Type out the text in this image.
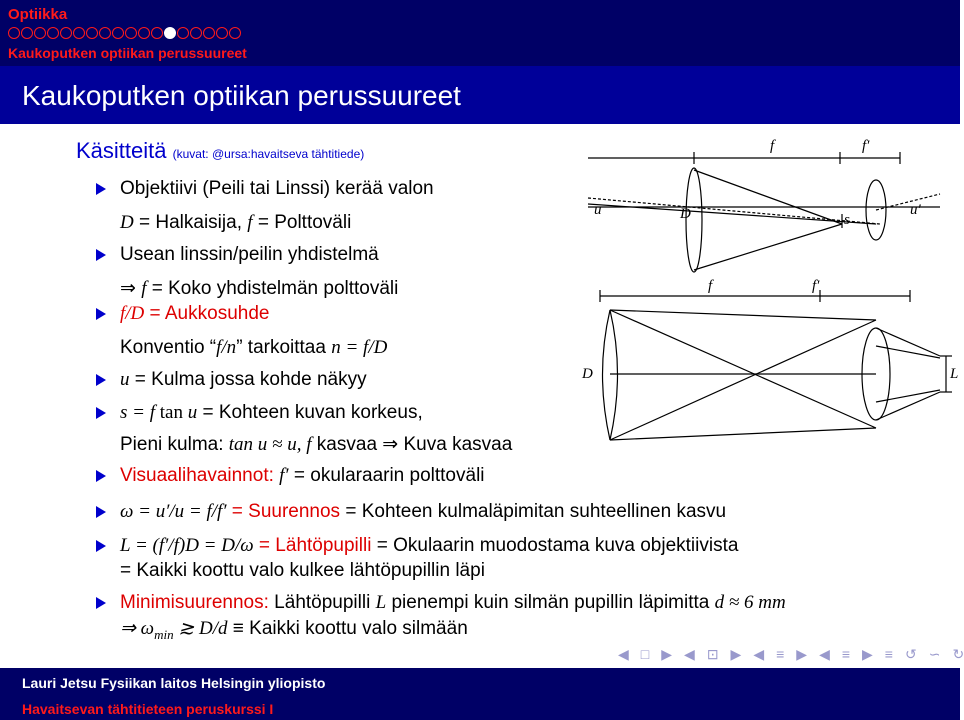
Optiikka
Kaukoputken optiikan perussuureet
Kaukoputken optiikan perussuureet
Käsitteitä (kuvat: @ursa:havaitseva tähtitiede)
Objektiivi (Peili tai Linssi) kerää valon
D = Halkaisija, f = Polttoväli
Usean linssin/peilin yhdistelmä
⇒ f = Koko yhdistelmän polttoväli
f/D = Aukkosuhde
Konventio “f/n” tarkoittaa n = f/D
u = Kulma jossa kohde näkyy
s = f tan u = Kohteen kuvan korkeus,
Pieni kulma: tan u ≈ u, f kasvaa ⇒ Kuva kasvaa
Visuaalihavainnot: f′ = okularaarin polttoväli
ω = u′/u = f/f′ = Suurennos = Kohteen kulmaläpimitan suhteellinen kasvu
L = (f′/f)D = D/ω = Lähtöpupilli = Okulaarin muodostama kuva objektiivista
= Kaikki koottu valo kulkee lähtöpupillin läpi
Minimisuurennos: Lähtöpupilli L pienempi kuin silmän pupillin läpimitta d ≈ 6 mm
⇒ $\omega_{min}$ ≳ D/d ≡ Kaikki koottu valo silmään
f	f′
u	D	s
u′
f	f′
D	L
◀ □ ▶ ◀ ⊡ ▶ ◀ ≡ ▶ ◀ ≡ ▶ ≡ ↺ ∽ ↻
Lauri Jetsu Fysiikan laitos Helsingin yliopisto
Havaitsevan tähtitieteen peruskurssi I
